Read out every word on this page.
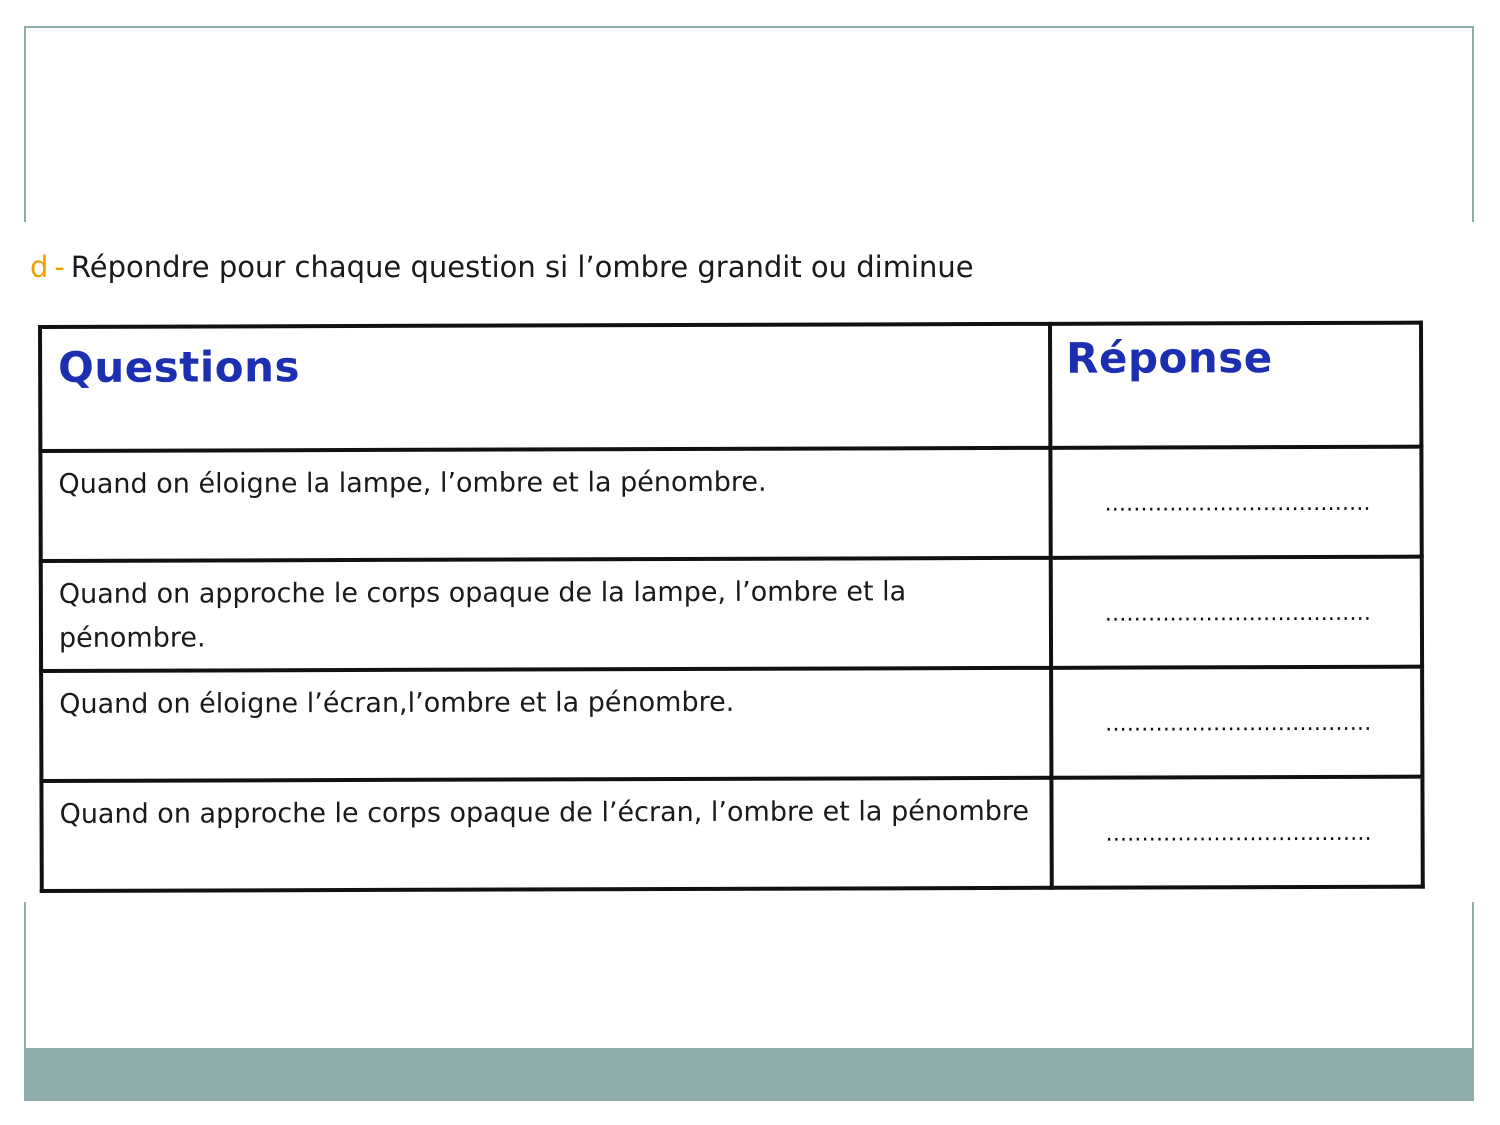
d - Répondre pour chaque question si l’ombre grandit ou diminue
Questions	Réponse
Quand on éloigne la lampe, l’ombre et la pénombre.	.....................................

Quand on approche le corps opaque de la lampe, l’ombre et la pénombre.	.....................................

Quand on éloigne l’écran,l’ombre et la pénombre.	.....................................

Quand on approche le corps opaque de l’écran, l’ombre et la pénombre	.....................................
